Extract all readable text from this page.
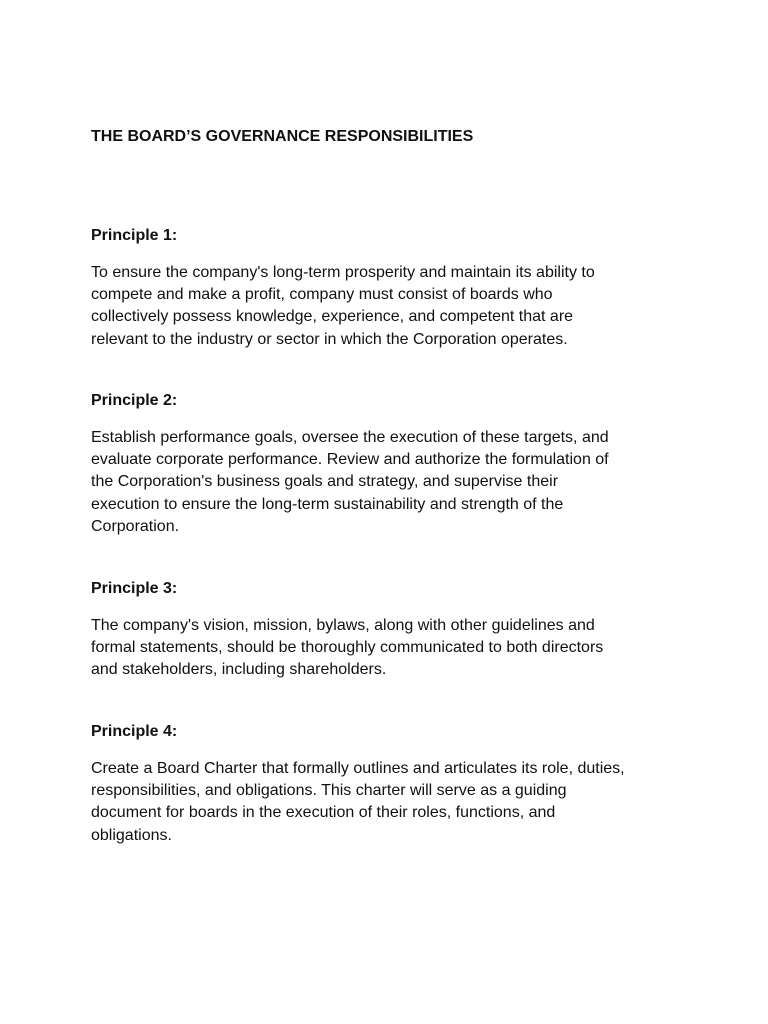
THE BOARD’S GOVERNANCE RESPONSIBILITIES
Principle 1:

To ensure the company's long-term prosperity and maintain its ability to
compete and make a profit, company must consist of boards who
collectively possess knowledge, experience, and competent that are
relevant to the industry or sector in which the Corporation operates.

Principle 2:

Establish performance goals, oversee the execution of these targets, and
evaluate corporate performance. Review and authorize the formulation of
the Corporation's business goals and strategy, and supervise their
execution to ensure the long-term sustainability and strength of the
Corporation.

Principle 3:

The company's vision, mission, bylaws, along with other guidelines and
formal statements, should be thoroughly communicated to both directors
and stakeholders, including shareholders.

Principle 4:

Create a Board Charter that formally outlines and articulates its role, duties,
responsibilities, and obligations. This charter will serve as a guiding
document for boards in the execution of their roles, functions, and
obligations.
